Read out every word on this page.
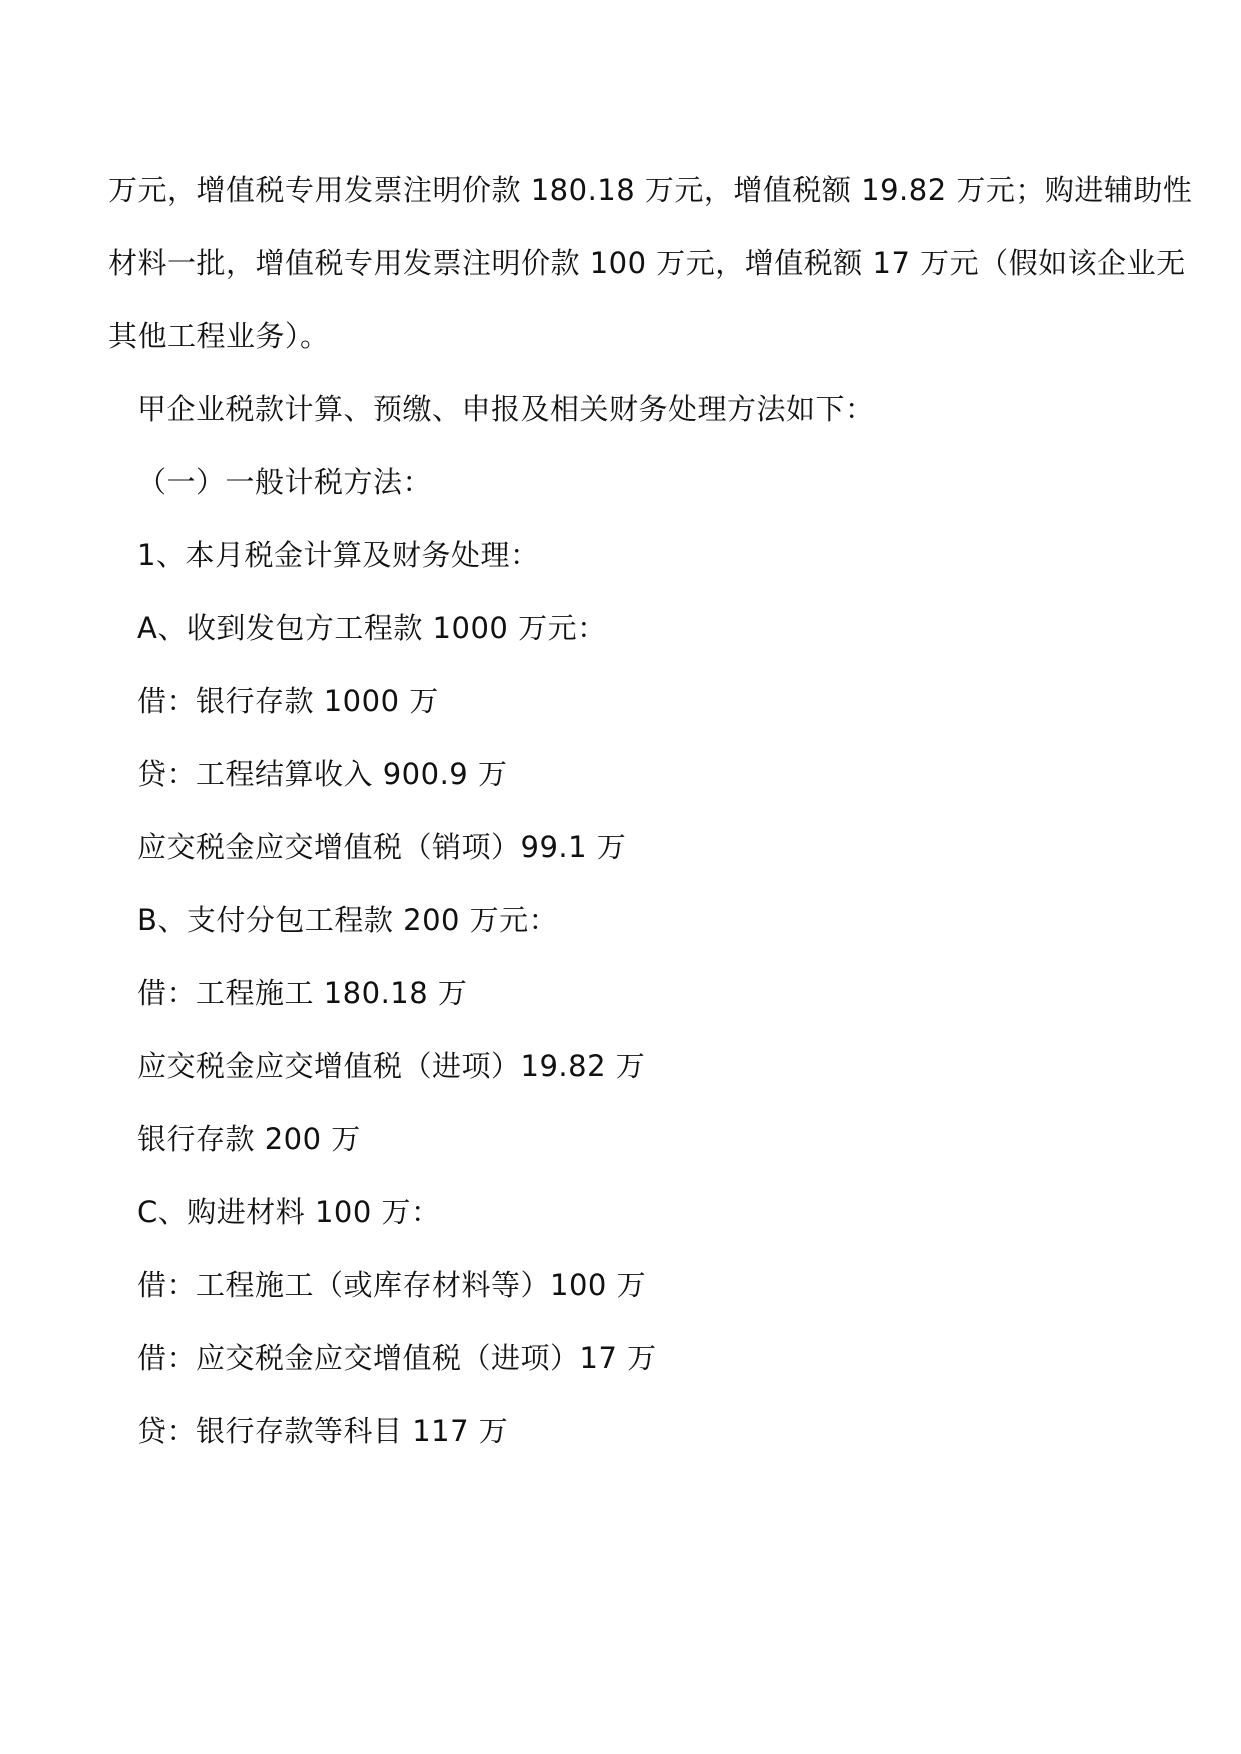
万元，增值税专用发票注明价款 180.18 万元，增值税额 19.82 万元；购进辅助性
材料一批，增值税专用发票注明价款 100 万元，增值税额 17 万元（假如该企业无
其他工程业务）。
甲企业税款计算、预缴、申报及相关财务处理方法如下：
（一）一般计税方法：
1、本月税金计算及财务处理：
A、收到发包方工程款 1000 万元：
借：银行存款 1000 万
贷：工程结算收入 900.9 万
应交税金应交增值税（销项）99.1 万
B、支付分包工程款 200 万元：
借：工程施工 180.18 万
应交税金应交增值税（进项）19.82 万
银行存款 200 万
C、购进材料 100 万：
借：工程施工（或库存材料等）100 万
借：应交税金应交增值税（进项）17 万
贷：银行存款等科目 117 万
